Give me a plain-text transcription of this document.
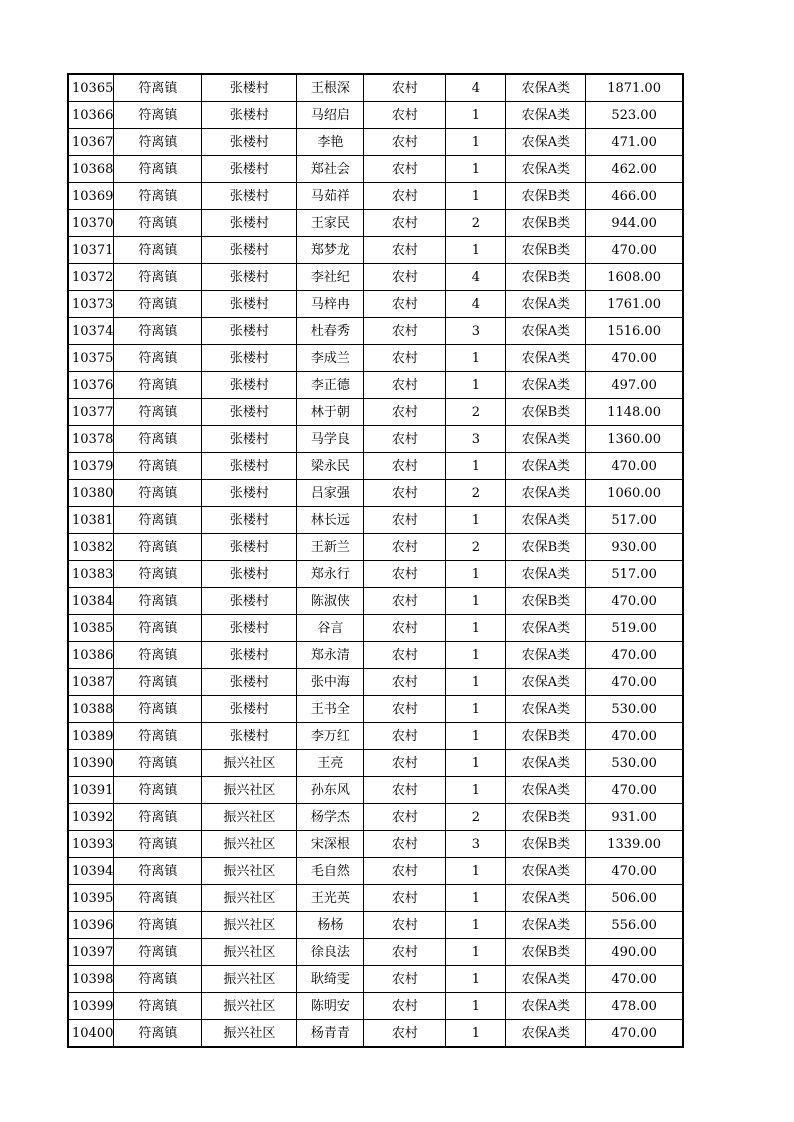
10365	符离镇	张楼村	王根深	农村	4	农保A类	1871.00
10366	符离镇	张楼村	马绍启	农村	1	农保A类	523.00
10367	符离镇	张楼村	李艳	农村	1	农保A类	471.00
10368	符离镇	张楼村	郑社会	农村	1	农保A类	462.00
10369	符离镇	张楼村	马茹祥	农村	1	农保B类	466.00
10370	符离镇	张楼村	王家民	农村	2	农保B类	944.00
10371	符离镇	张楼村	郑梦龙	农村	1	农保B类	470.00
10372	符离镇	张楼村	李社纪	农村	4	农保B类	1608.00
10373	符离镇	张楼村	马梓冉	农村	4	农保A类	1761.00
10374	符离镇	张楼村	杜春秀	农村	3	农保A类	1516.00
10375	符离镇	张楼村	李成兰	农村	1	农保A类	470.00
10376	符离镇	张楼村	李正德	农村	1	农保A类	497.00
10377	符离镇	张楼村	林于朝	农村	2	农保B类	1148.00
10378	符离镇	张楼村	马学良	农村	3	农保A类	1360.00
10379	符离镇	张楼村	梁永民	农村	1	农保A类	470.00
10380	符离镇	张楼村	吕家强	农村	2	农保A类	1060.00
10381	符离镇	张楼村	林长远	农村	1	农保A类	517.00
10382	符离镇	张楼村	王新兰	农村	2	农保B类	930.00
10383	符离镇	张楼村	郑永行	农村	1	农保A类	517.00
10384	符离镇	张楼村	陈淑侠	农村	1	农保B类	470.00
10385	符离镇	张楼村	谷言	农村	1	农保A类	519.00
10386	符离镇	张楼村	郑永清	农村	1	农保A类	470.00
10387	符离镇	张楼村	张中海	农村	1	农保A类	470.00
10388	符离镇	张楼村	王书全	农村	1	农保A类	530.00
10389	符离镇	张楼村	李万红	农村	1	农保B类	470.00
10390	符离镇	振兴社区	王亮	农村	1	农保A类	530.00
10391	符离镇	振兴社区	孙东风	农村	1	农保A类	470.00
10392	符离镇	振兴社区	杨学杰	农村	2	农保B类	931.00
10393	符离镇	振兴社区	宋深根	农村	3	农保B类	1339.00
10394	符离镇	振兴社区	毛自然	农村	1	农保A类	470.00
10395	符离镇	振兴社区	王光英	农村	1	农保A类	506.00
10396	符离镇	振兴社区	杨杨	农村	1	农保A类	556.00
10397	符离镇	振兴社区	徐良法	农村	1	农保B类	490.00
10398	符离镇	振兴社区	耿绮雯	农村	1	农保A类	470.00
10399	符离镇	振兴社区	陈明安	农村	1	农保A类	478.00
10400	符离镇	振兴社区	杨青青	农村	1	农保A类	470.00
